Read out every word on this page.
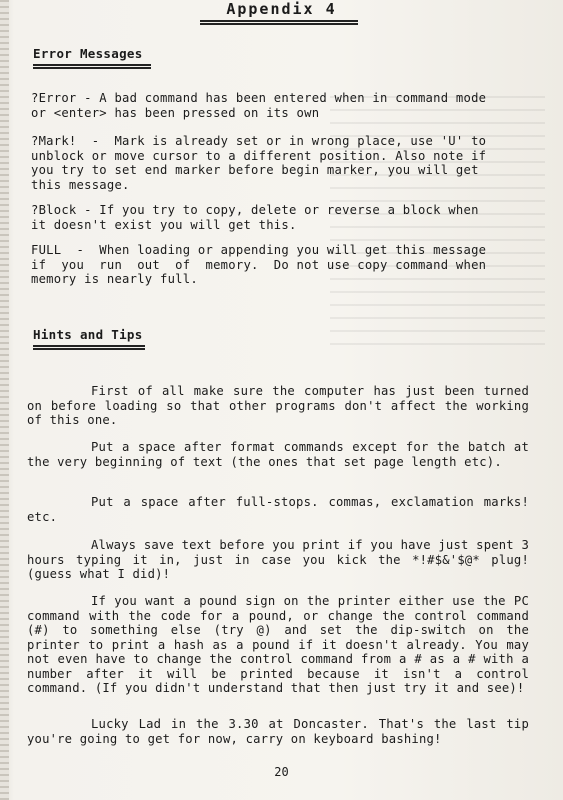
Appendix 4
Error Messages
?Error - A bad command has been entered when in command mode
or <enter> has been pressed on its own
?Mark!  -  Mark is already set or in wrong place, use 'U' to
unblock or move cursor to a different position. Also note if
you try to set end marker before begin marker, you will get
this message.
?Block - If you try to copy, delete or reverse a block when
it doesn't exist you will get this.
FULL  -  When loading or appending you will get this message
if  you  run  out  of  memory.  Do not use copy command when
memory is nearly full.
Hints and Tips
First of all make sure the computer has just been turned on before loading so that other programs don't affect the working of this one.
Put a space after format commands except for the batch at the very beginning of text (the ones that set page length etc).
Put a space after full-stops. commas, exclamation marks! etc.
Always save text before you print if you have just spent 3 hours typing it in, just in case you kick the *!#$&'$@* plug! (guess what I did)!
If you want a pound sign on the printer either use the PC command with the code for a pound, or change the control command (#) to something else (try @) and set the dip-switch on the printer to print a hash as a pound if it doesn't already. You may not even have to change the control command from a # as a # with a number after it will be printed because it isn't a control command. (If you didn't understand that then just try it and see)!
Lucky Lad in the 3.30 at Doncaster. That's the last tip you're going to get for now, carry on keyboard bashing!
20
